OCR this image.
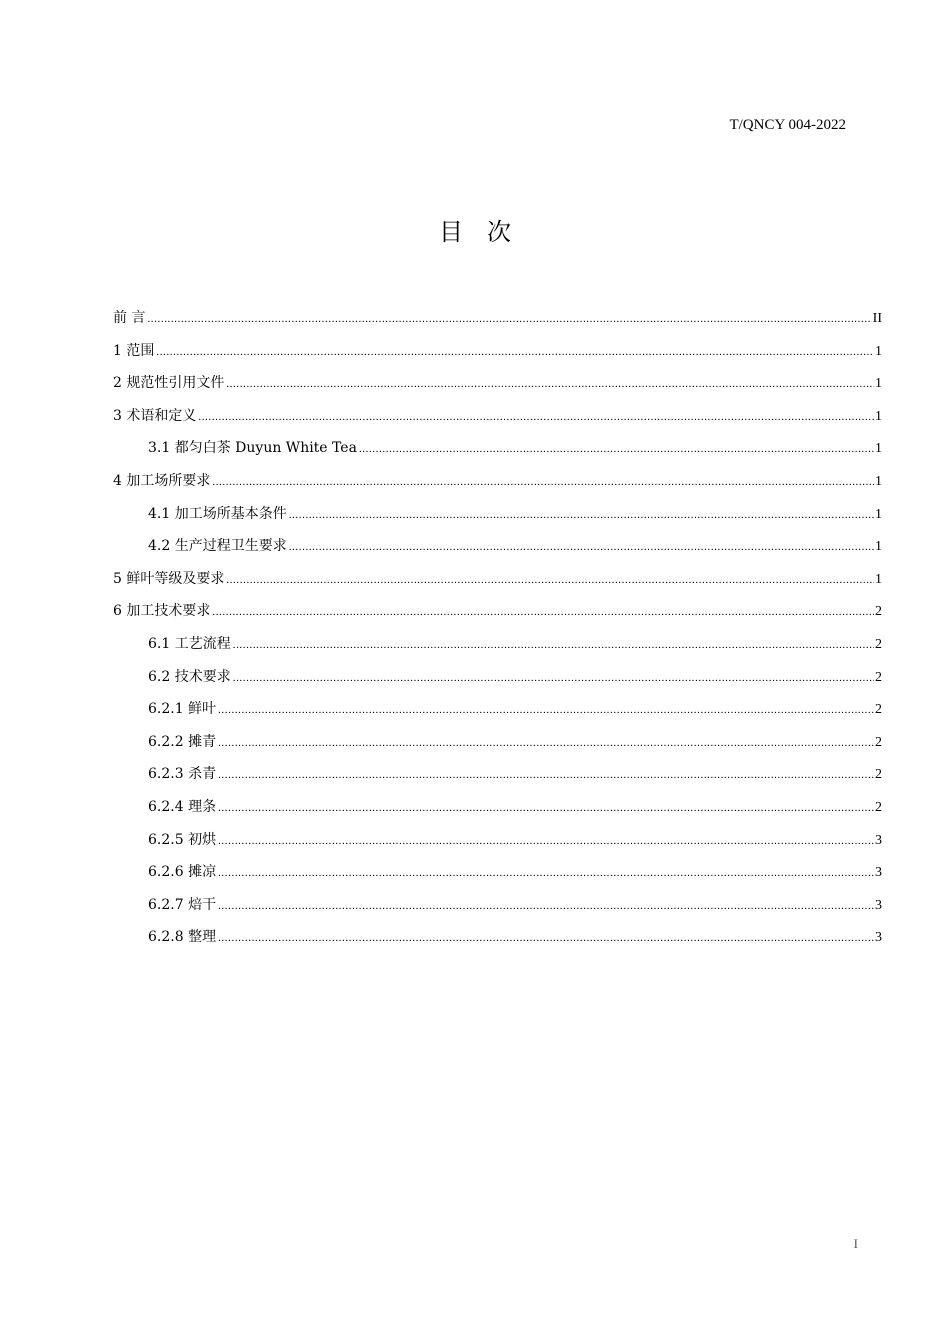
T/QNCY 004-2022
目 次
前 言 .....	II
1 范围 .....	1
2 规范性引用文件 .....	1
3 术语和定义 .....	1
3.1 都匀白茶 Duyun White Tea .....	1
4 加工场所要求 .....	1
4.1 加工场所基本条件 .....	1
4.2 生产过程卫生要求 .....	1
5 鲜叶等级及要求 .....	1
6 加工技术要求 .....	2
6.1 工艺流程 .....	2
6.2 技术要求 .....	2
6.2.1 鲜叶 .....	2
6.2.2 摊青 .....	2
6.2.3 杀青 .....	2
6.2.4 理条 .....	2
6.2.5 初烘 .....	3
6.2.6 摊凉 .....	3
6.2.7 焙干 .....	3
6.2.8 整理 .....	3
I
